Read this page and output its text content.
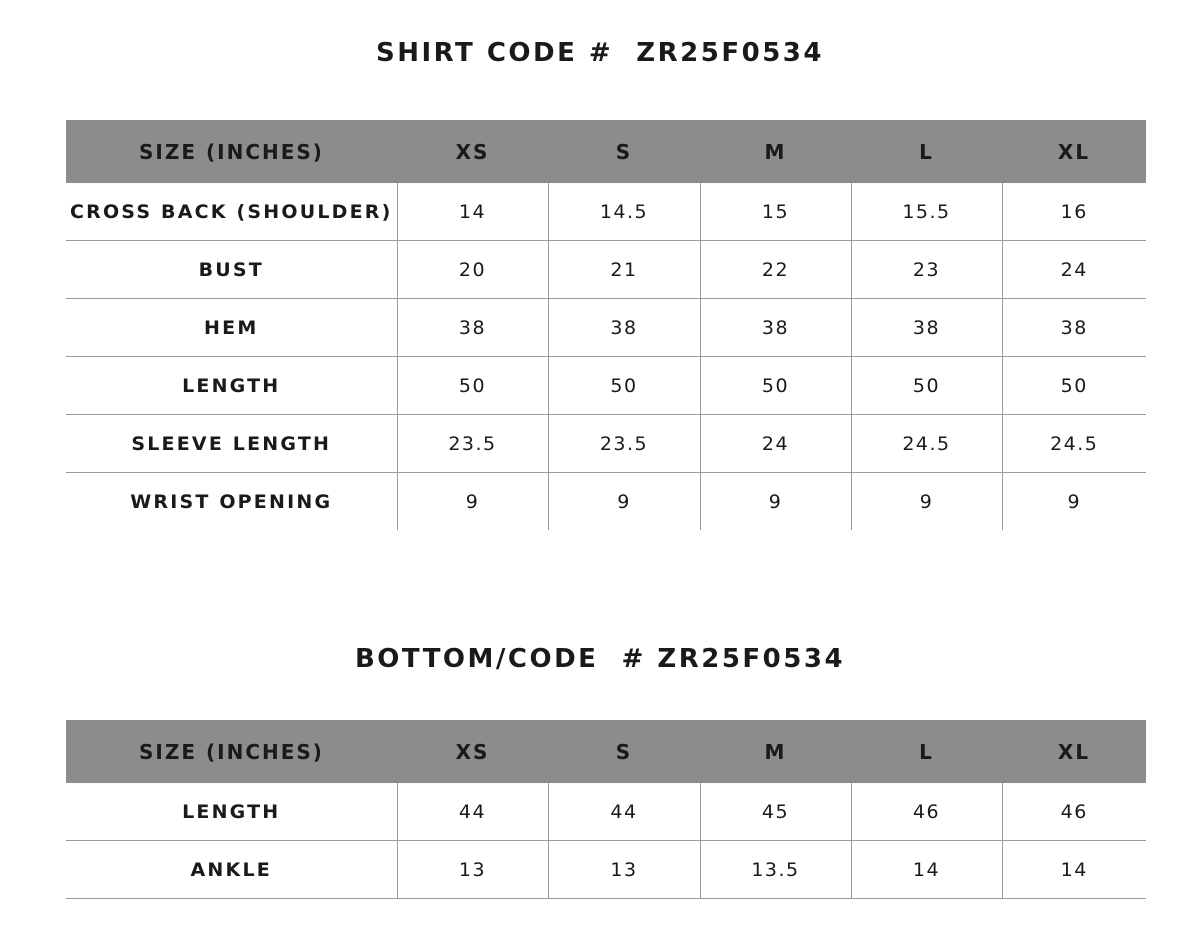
SHIRT CODE #  ZR25F0534
SIZE (INCHES)	XS	S	M	L	XL
CROSS BACK (SHOULDER)	14	14.5	15	15.5	16
BUST	20	21	22	23	24
HEM	38	38	38	38	38
LENGTH	50	50	50	50	50
SLEEVE LENGTH	23.5	23.5	24	24.5	24.5
WRIST OPENING	9	9	9	9	9
BOTTOM/CODE  # ZR25F0534
SIZE (INCHES)	XS	S	M	L	XL
LENGTH	44	44	45	46	46
ANKLE	13	13	13.5	14	14
